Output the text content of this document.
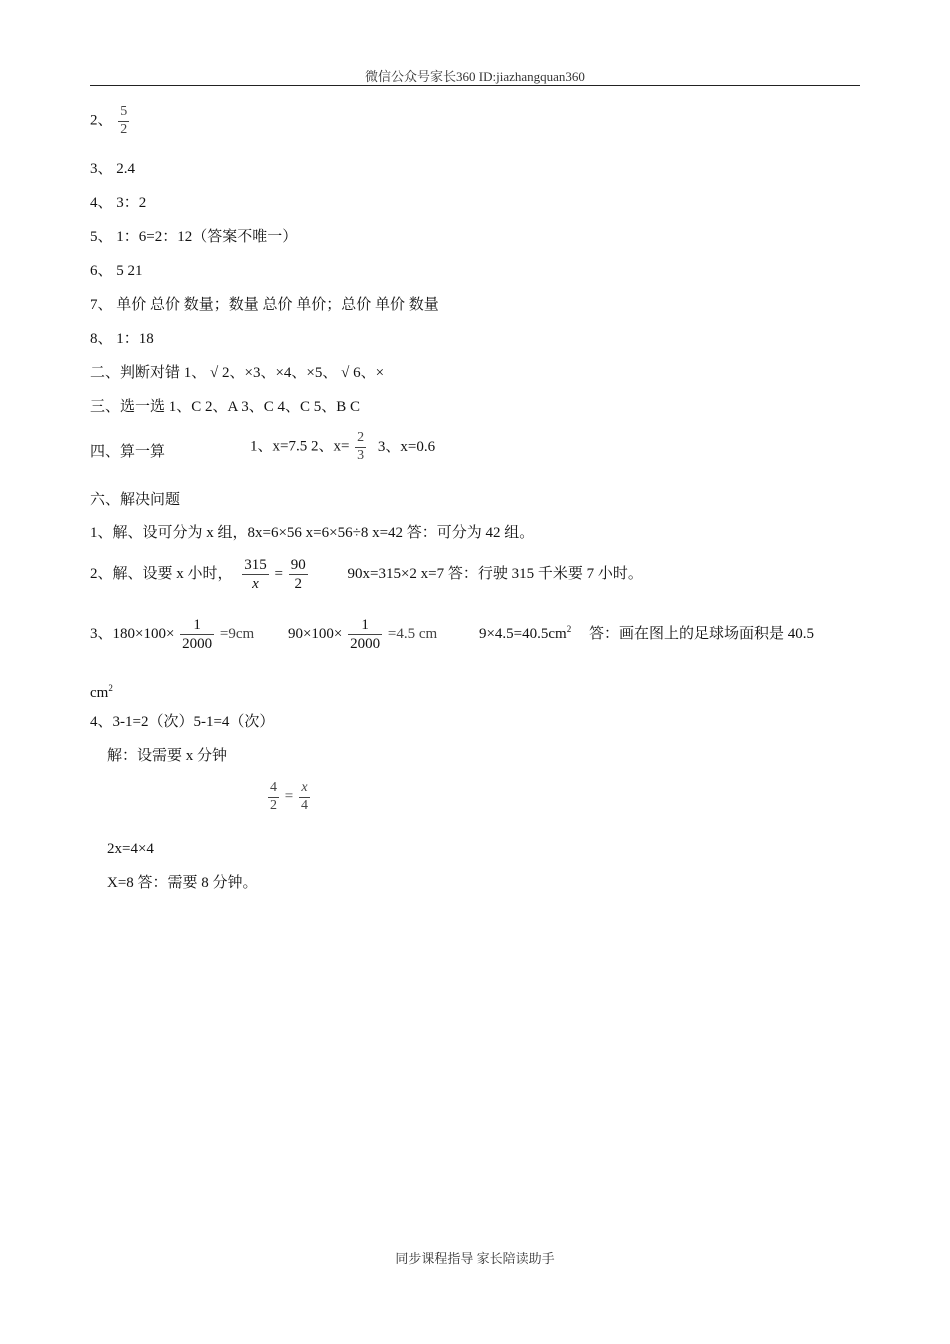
微信公众号家长360 ID:jiazhangquan360
2、 $\frac{5}{2}$
3、 2.4
4、 3：2
5、 1：6=2：12（答案不唯一）
6、 5 21
7、 单价 总价 数量；数量 总价 单价；总价 单价 数量
8、 1：18
二、判断对错 1、 √ 2、×3、×4、×5、 √ 6、×
三、选一选 1、C 2、A 3、C 4、C 5、B C
四、算一算	1、x=7.5 2、$x= \frac{2}{3} 3$、x=0.6
六、解决问题
1、解、设可分为 x 组，8x=6×56 x=6×56÷8 x=42 答：可分为 42 组。
2、解、设要 x 小时， $\frac{315}{x} = \frac{90}{2}$	90x=315×2 x=7 答：行驶 315 千米要 7 小时。
3、$180\times 100\times \frac{1}{2000} =9cm$ $90\times 100\times \frac{1}{2000} =4.5$ cm	$9\times 4.5=40.5cm^2$ 答：画在图上的足球场面积是 40.5
$cm^2$
4、3-1=2（次）5-1=4（次）
解：设需要 x 分钟
$\frac{4}{2} = \frac{x}{4}$
2x=4×4
X=8 答：需要 8 分钟。
同步课程指导 家长陪读助手
